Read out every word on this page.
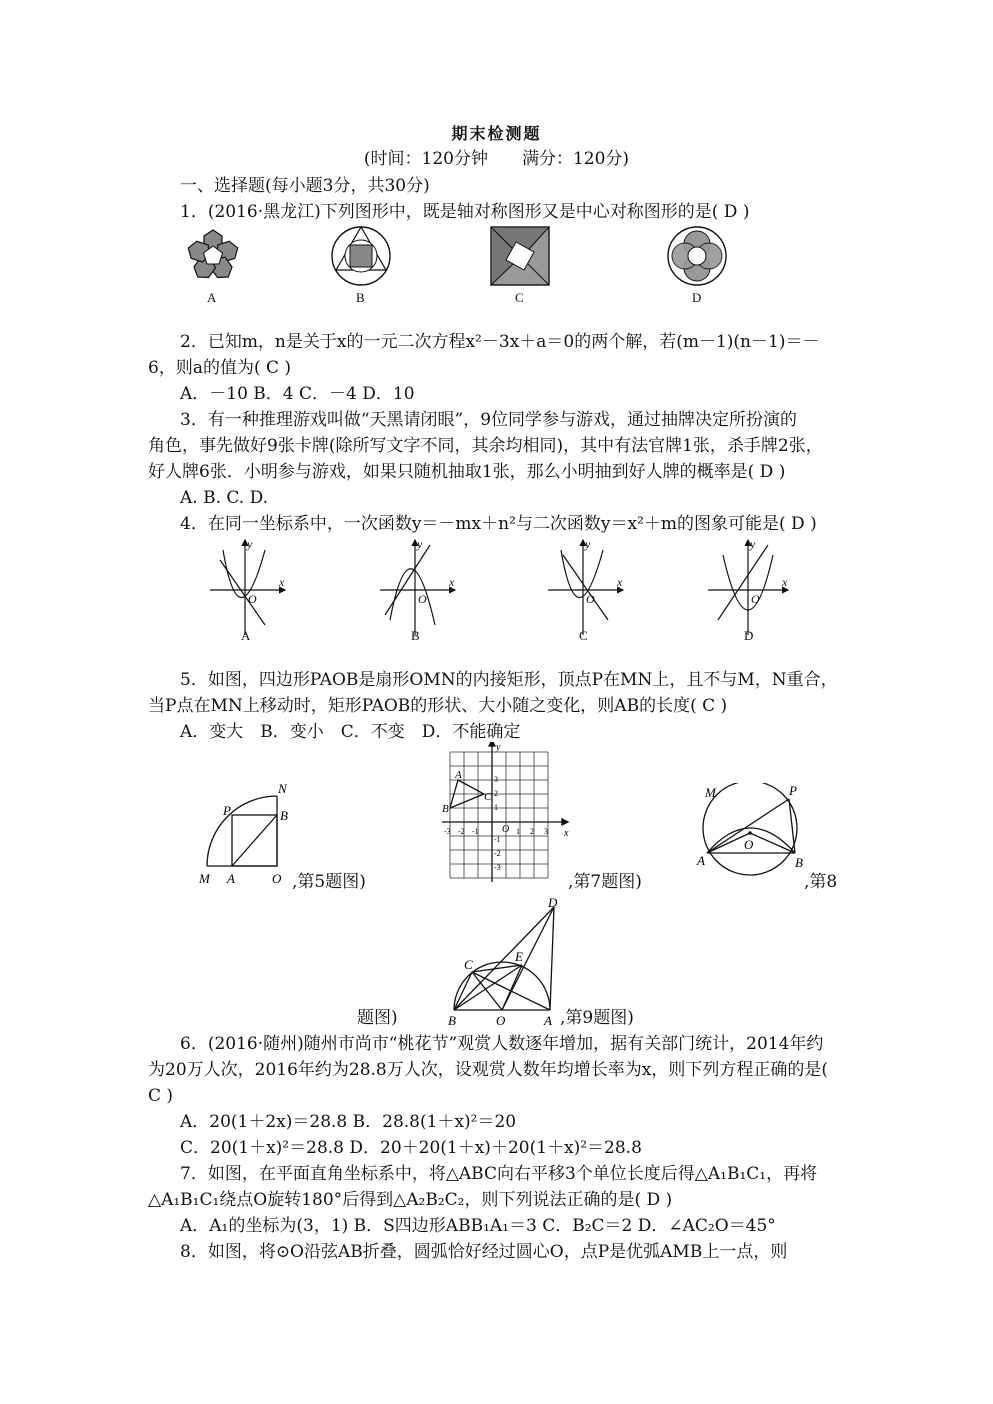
期末检测题
(时间：120分钟　　满分：120分)
一、选择题(每小题3分，共30分)
1．(2016·黑龙江)下列图形中，既是轴对称图形又是中心对称图形的是( D )
A	B	C	D
2．已知m，n是关于x的一元二次方程x²－3x＋a＝0的两个解，若(m－1)(n－1)＝－
6，则a的值为( C )
A．－10 B．4 C．－4 D．10
3．有一种推理游戏叫做“天黑请闭眼”，9位同学参与游戏，通过抽牌决定所扮演的
角色，事先做好9张卡牌(除所写文字不同，其余均相同)，其中有法官牌1张，杀手牌2张，
好人牌6张．小明参与游戏，如果只随机抽取1张，那么小明抽到好人牌的概率是( D )
A. B. C. D.
4．在同一坐标系中，一次函数y＝－mx＋n²与二次函数y＝x²＋m的图象可能是( D )
y
x
O
y
x
O
y
x
O
y
x
O
A	B	C	D
5．如图，四边形PAOB是扇形OMN的内接矩形，顶点P在MN上，且不与M，N重合，
当P点在MN上移动时，矩形PAOB的形状、大小随之变化，则AB的长度( C )
A．变大　B．变小　C．不变　D．不能确定
N
P	B
M A	O ,第5题图)
A
B
C
O	x
y
-3 -2 -1	1 2 3
3
2
1
-1
-2
-3
,第7题图)
M	P
O
A	B
,第8
题图)
D
C
E
B	O	A ,第9题图)
6．(2016·随州)随州市尚市“桃花节”观赏人数逐年增加，据有关部门统计，2014年约
为20万人次，2016年约为28.8万人次，设观赏人数年均增长率为x，则下列方程正确的是(
C )
A．20(1＋2x)＝28.8 B．28.8(1＋x)²＝20
C．20(1＋x)²＝28.8 D．20＋20(1＋x)＋20(1＋x)²＝28.8
7．如图，在平面直角坐标系中，将△ABC向右平移3个单位长度后得△A₁B₁C₁，再将
△A₁B₁C₁绕点O旋转180°后得到△A₂B₂C₂，则下列说法正确的是( D )
A．A₁的坐标为(3，1) B．S四边形ABB₁A₁＝3 C．B₂C＝2 D．∠AC₂O＝45°
8．如图，将⊙O沿弦AB折叠，圆弧恰好经过圆心O，点P是优弧AMB上一点，则
